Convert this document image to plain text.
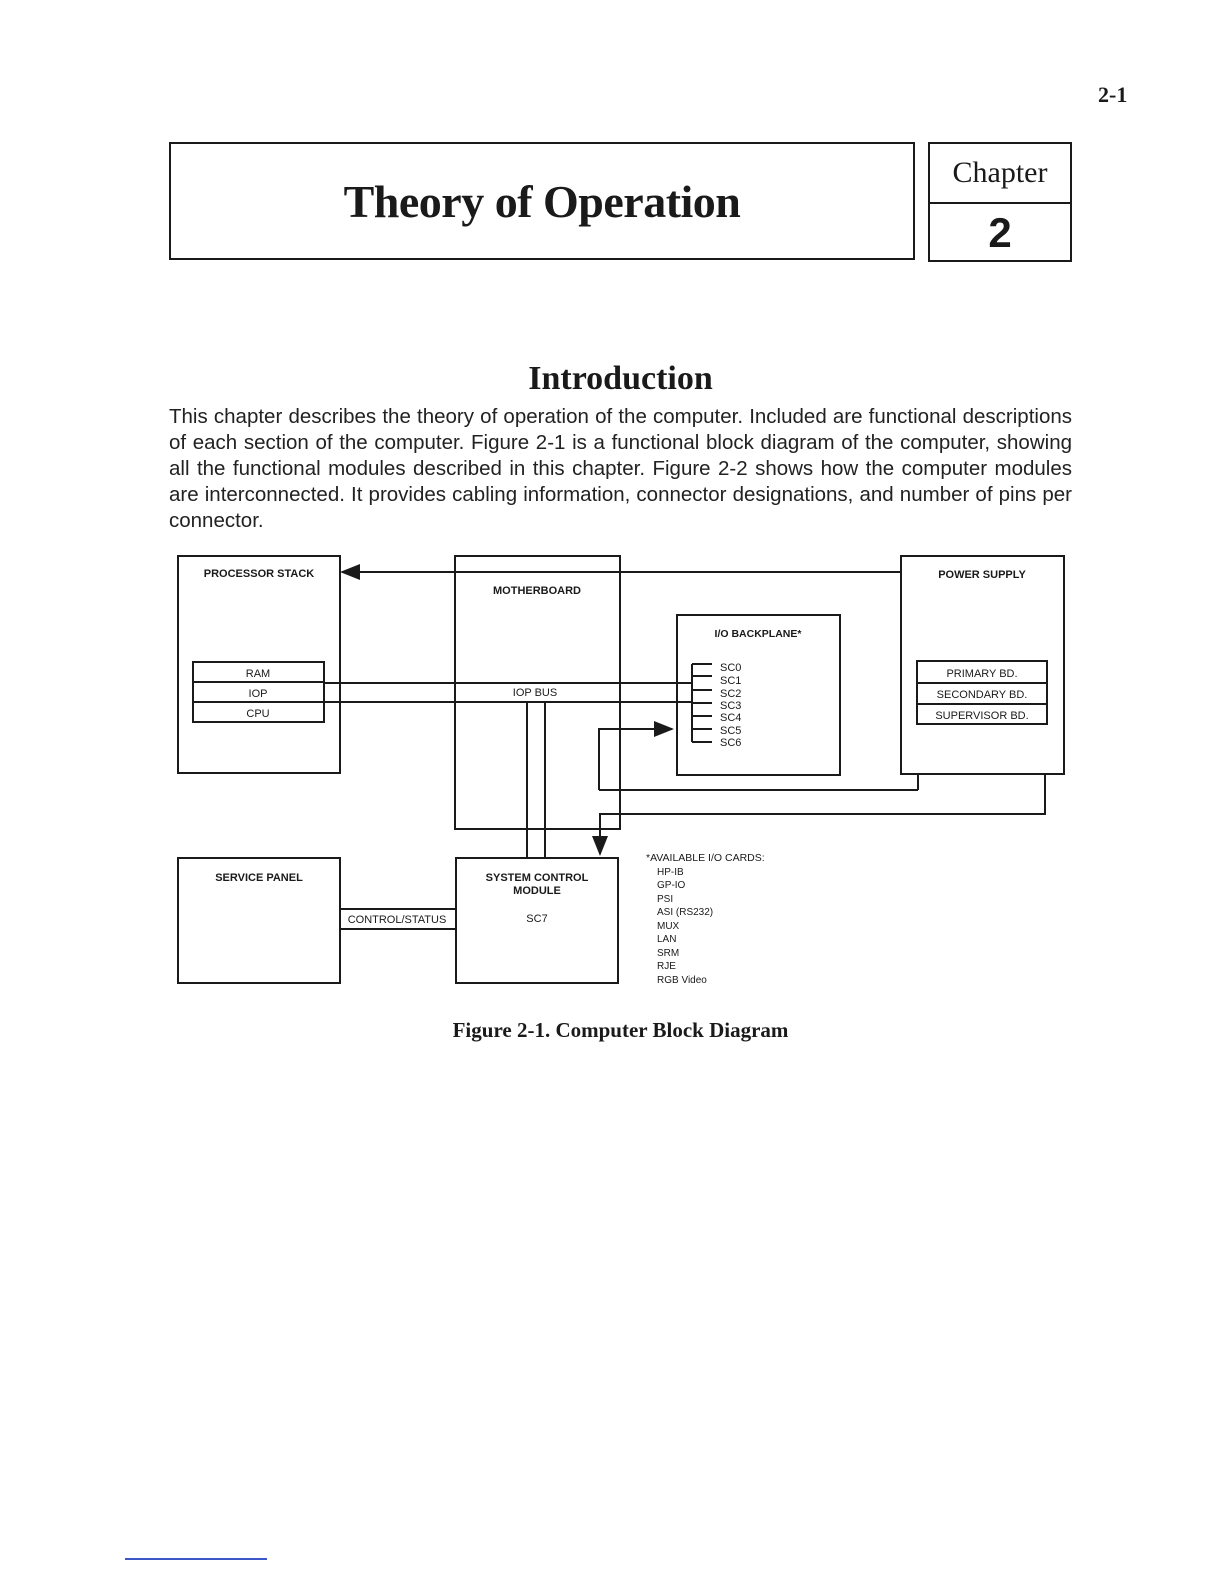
2-1
Theory of Operation
Chapter
2
Introduction
This chapter describes the theory of operation of the computer. Included are functional descriptions of each section of the computer. Figure 2-1 is a functional block diagram of the computer, showing all the functional modules described in this chapter. Figure 2-2 shows how the computer modules are interconnected. It provides cabling information, connector designations, and number of pins per connector.
PROCESSOR STACK
RAM
IOP
CPU
MOTHERBOARD
IOP BUS
I/O BACKPLANE*
SC0
SC1
SC2
SC3
SC4
SC5
SC6
POWER SUPPLY
PRIMARY BD.
SECONDARY BD.
SUPERVISOR BD.
SERVICE PANEL
CONTROL/STATUS
SYSTEM CONTROL
MODULE
SC7
*AVAILABLE I/O CARDS:
HP-IB
GP-IO
PSI
ASI (RS232)
MUX
LAN
SRM
RJE
RGB Video
Figure 2-1. Computer Block Diagram
